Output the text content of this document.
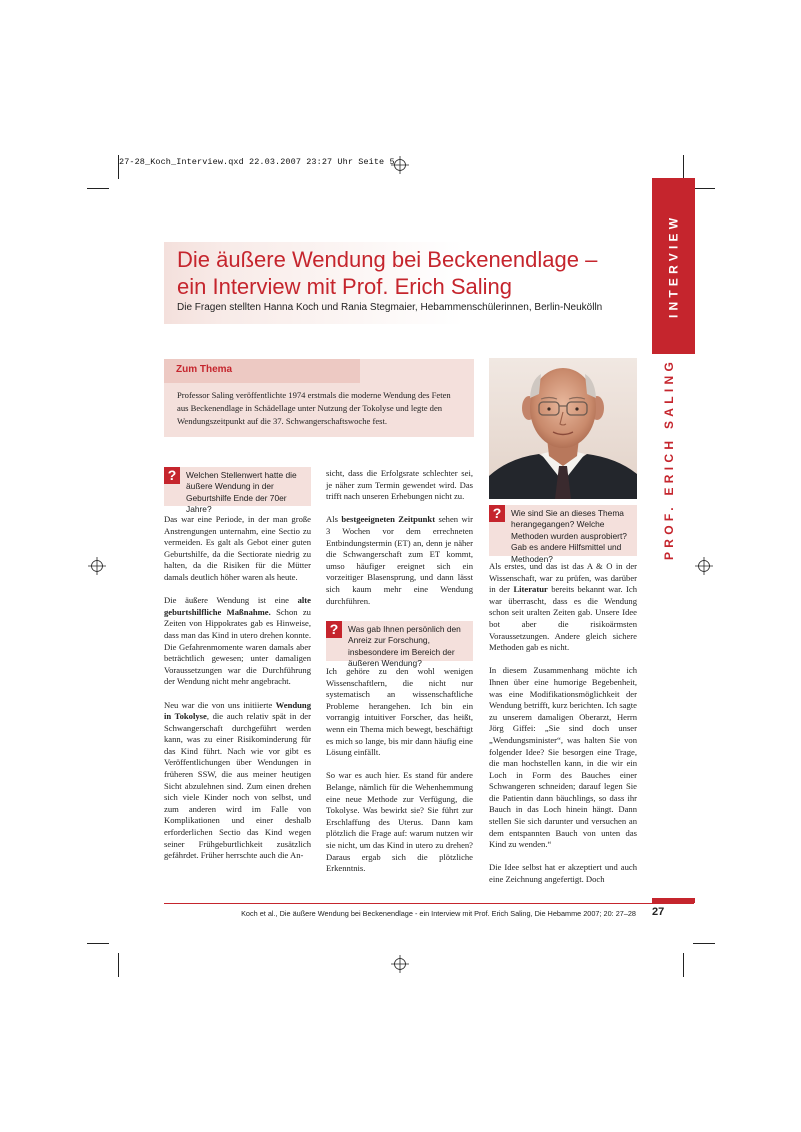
27-28_Koch_Interview.qxd 22.03.2007 23:27 Uhr Seite 5
INTERVIEW
PROF. ERICH SALING
Die äußere Wendung bei Beckenendlage –
ein Interview mit Prof. Erich Saling
Die Fragen stellten Hanna Koch und Rania Stegmaier, Hebammenschülerinnen, Berlin-Neukölln
Zum Thema
Professor Saling veröffentlichte 1974 erstmals die moderne Wendung des Feten aus Beckenendlage in Schädellage unter Nutzung der Tokolyse und legte den Wendungszeitpunkt auf die 37. Schwangerschaftswoche fest.
?	Welchen Stellenwert hatte die äußere Wendung in der Geburtshilfe Ende der 70er Jahre?
?	Was gab Ihnen persönlich den Anreiz zur Forschung, insbesondere im Bereich der äußeren Wendung?
?	Wie sind Sie an dieses Thema herangegangen? Welche Methoden wurden ausprobiert? Gab es andere Hilfsmittel und Methoden?

Das war eine Periode, in der man große Anstrengungen unternahm, eine Sectio zu vermeiden. Es galt als Gebot einer guten Geburtshilfe, da die Sectiorate niedrig zu halten, da die Risiken für die Mütter damals deutlich höher waren als heute.

Die äußere Wendung ist eine alte geburtshilfliche Maßnahme. Schon zu Zeiten von Hippokrates gab es Hinweise, dass man das Kind in utero drehen konnte. Die Gefahrenmomente waren damals aber beträchtlich gewesen; unter damaligen Voraussetzungen war die Durchführung der Wendung nicht mehr angebracht.

Neu war die von uns initiierte Wendung in Tokolyse, die auch relativ spät in der Schwangerschaft durchgeführt werden kann, was zu einer Risikominderung für das Kind führt. Nach wie vor gibt es Veröffentlichungen über Wendungen in früheren SSW, die aus meiner heutigen Sicht abzulehnen sind. Zum einen drehen sich viele Kinder noch von selbst, und zum anderen wird im Falle von Komplikationen und einer deshalb erforderlichen Sectio das Kind wegen seiner Frühgeburtlichkeit zusätzlich gefährdet. Früher herrschte auch die An-

sicht, dass die Erfolgsrate schlechter sei, je näher zum Termin gewendet wird. Das trifft nach unseren Erhebungen nicht zu.

Als bestgeeigneten Zeitpunkt sehen wir 3 Wochen vor dem errechneten Entbindungstermin (ET) an, denn je näher die Schwangerschaft zum ET kommt, umso häufiger ereignet sich ein vorzeitiger Blasensprung, und dann lässt sich kaum mehr eine Wendung durchführen.

Ich gehöre zu den wohl wenigen Wissenschaftlern, die nicht nur systematisch an wissenschaftliche Probleme herangehen. Ich bin ein vorrangig intuitiver Forscher, das heißt, wenn ein Thema mich bewegt, beschäftigt es mich so lange, bis mir dann häufig eine Lösung einfällt.

So war es auch hier. Es stand für andere Belange, nämlich für die Wehenhemmung eine neue Methode zur Verfügung, die Tokolyse. Was bewirkt sie? Sie führt zur Erschlaffung des Uterus. Dann kam plötzlich die Frage auf: warum nutzen wir sie nicht, um das Kind in utero zu drehen? Daraus ergab sich die plötzliche Erkenntnis.

Als erstes, und das ist das A & O in der Wissenschaft, war zu prüfen, was darüber in der Literatur bereits bekannt war. Ich war überrascht, dass es die Wendung schon seit uralten Zeiten gab. Unsere Idee bot aber die risikoärmsten Voraussetzungen. Andere gleich sichere Methoden gab es nicht.

In diesem Zusammenhang möchte ich Ihnen über eine humorige Begebenheit, was eine Modifikationsmöglichkeit der Wendung betrifft, kurz berichten. Ich sagte zu unserem damaligen Oberarzt, Herrn Jörg Giffei: „Sie sind doch unser „Wendungsminister“, was halten Sie von folgender Idee? Sie besorgen eine Trage, die man hochstellen kann, in die wir ein Loch in Form des Bauches einer Schwangeren schneiden; darauf legen Sie die Patientin dann bäuchlings, so dass ihr Bauch in das Loch hinein hängt. Dann stellen Sie sich darunter und versuchen an dem entspannten Bauch von unten das Kind zu wenden.“

Die Idee selbst hat er akzeptiert und auch eine Zeichnung angefertigt. Doch

Koch et al., Die äußere Wendung bei Beckenendlage - ein Interview mit Prof. Erich Saling, Die Hebamme 2007; 20: 27–28 27
